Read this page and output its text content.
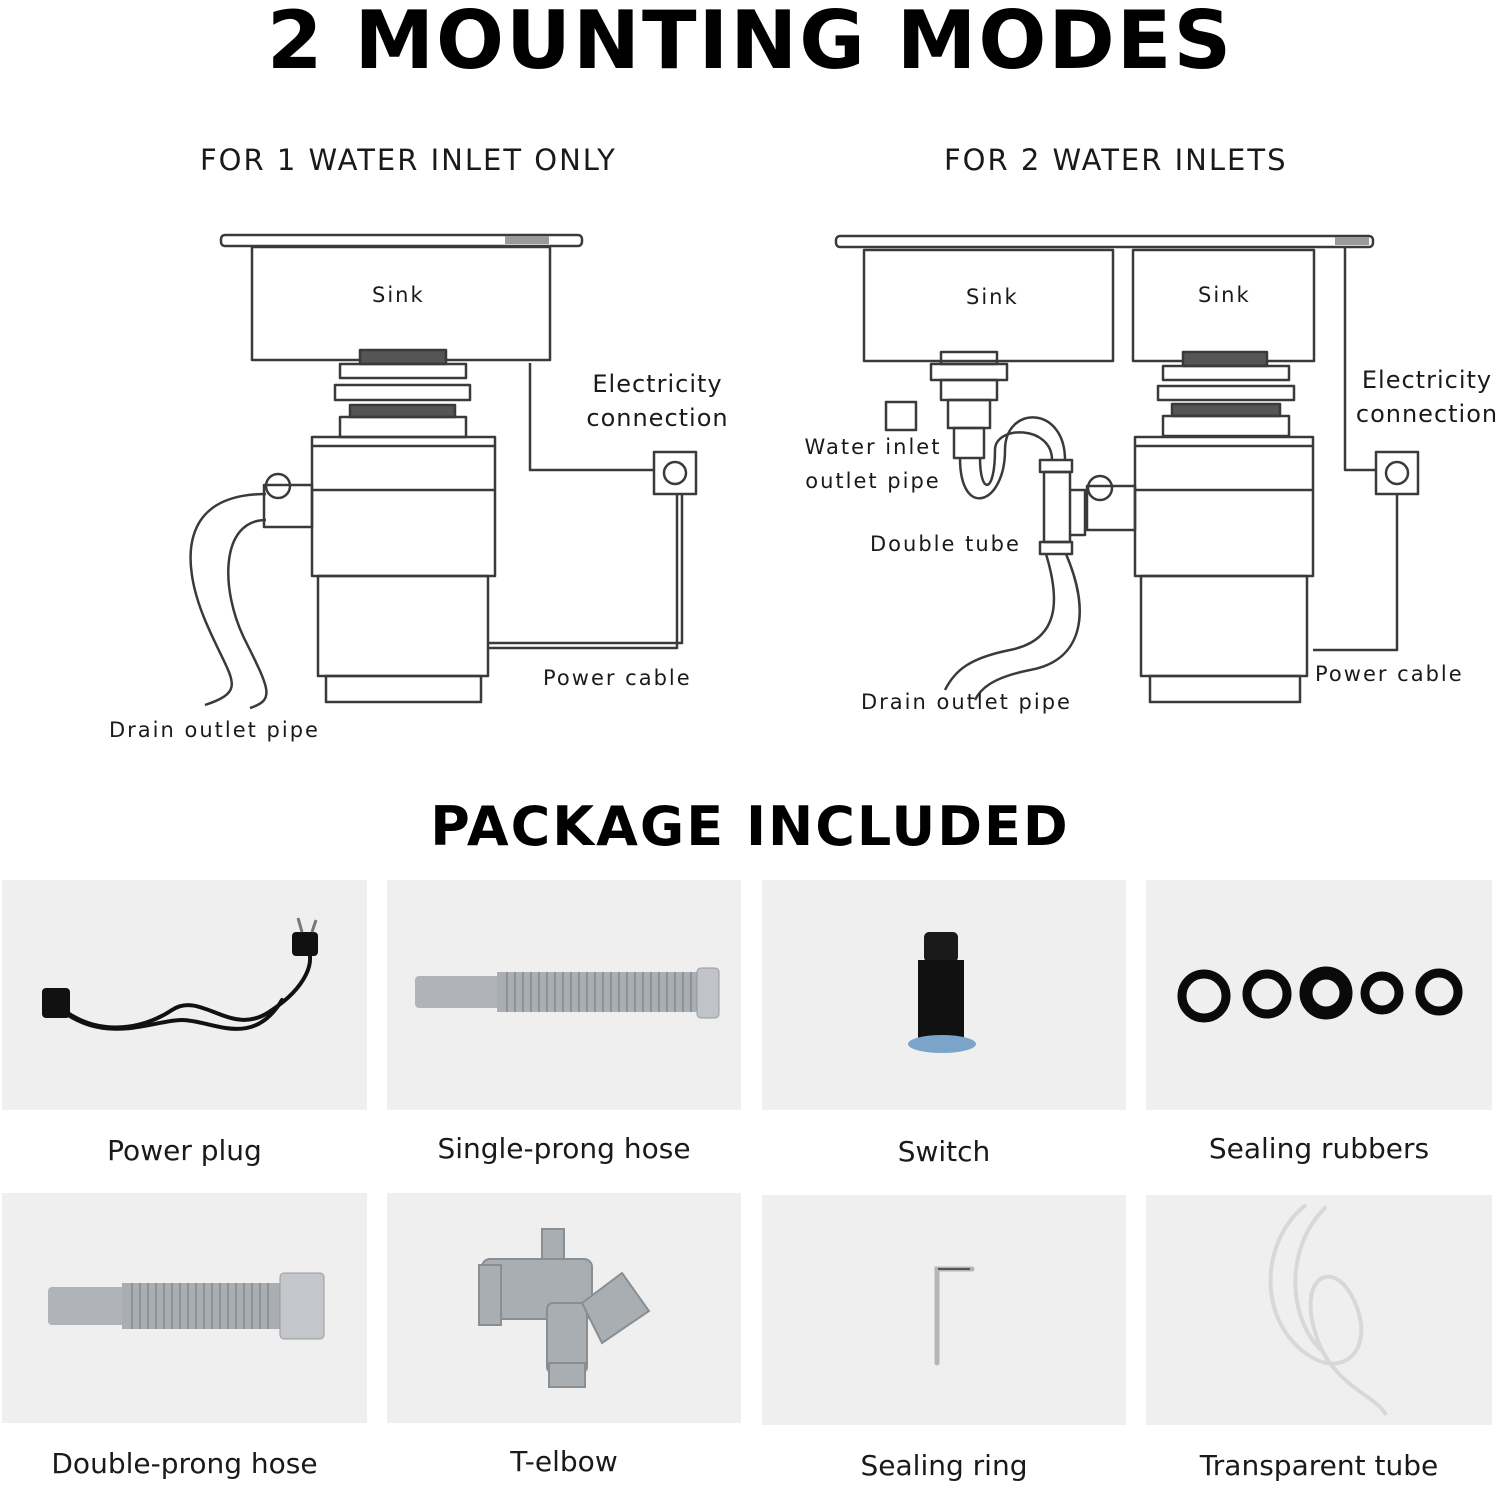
2 MOUNTING MODES
FOR 1 WATER INLET ONLY	FOR 2 WATER INLETS
Sink
Electricity connection
Power cable
Drain outlet pipe
Sink	Sink
Water inlet outlet pipe
Double tube
Electricity connection
Power cable
Drain outlet pipe
PACKAGE INCLUDED
Power plug	Single-prong hose	Switch	Sealing rubbers
Double-prong hose	T-elbow	Sealing ring	Transparent tube
